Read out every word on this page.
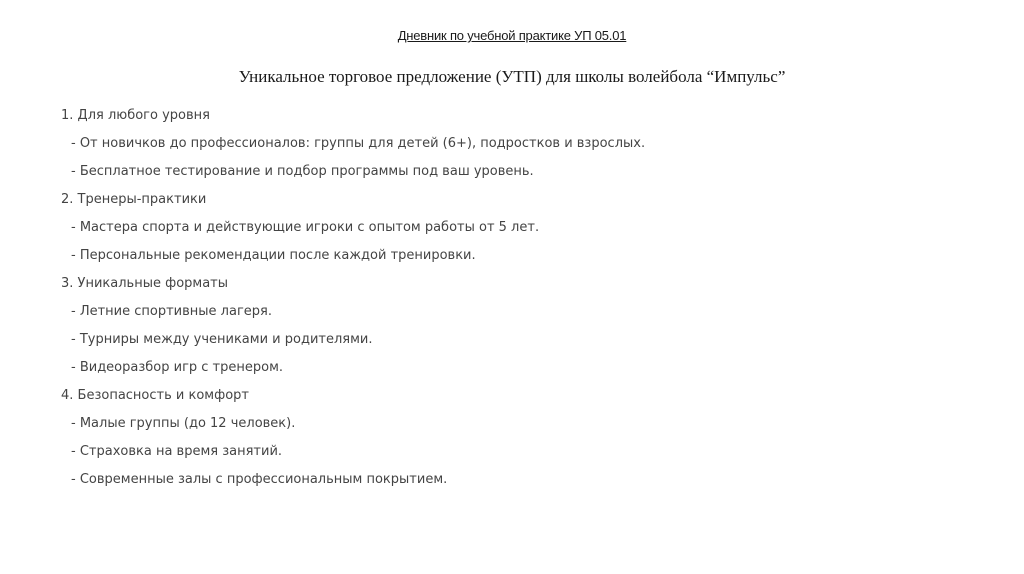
Дневник по учебной практике УП 05.01
Уникальное торговое предложение (УТП) для школы волейбола “Импульс”
1. Для любого уровня
- От новичков до профессионалов: группы для детей (6+), подростков и взрослых.
- Бесплатное тестирование и подбор программы под ваш уровень.
2. Тренеры-практики
- Мастера спорта и действующие игроки с опытом работы от 5 лет.
- Персональные рекомендации после каждой тренировки.
3. Уникальные форматы
- Летние спортивные лагеря.
- Турниры между учениками и родителями.
- Видеоразбор игр с тренером.
4. Безопасность и комфорт
- Малые группы (до 12 человек).
- Страховка на время занятий.
- Современные залы с профессиональным покрытием.
